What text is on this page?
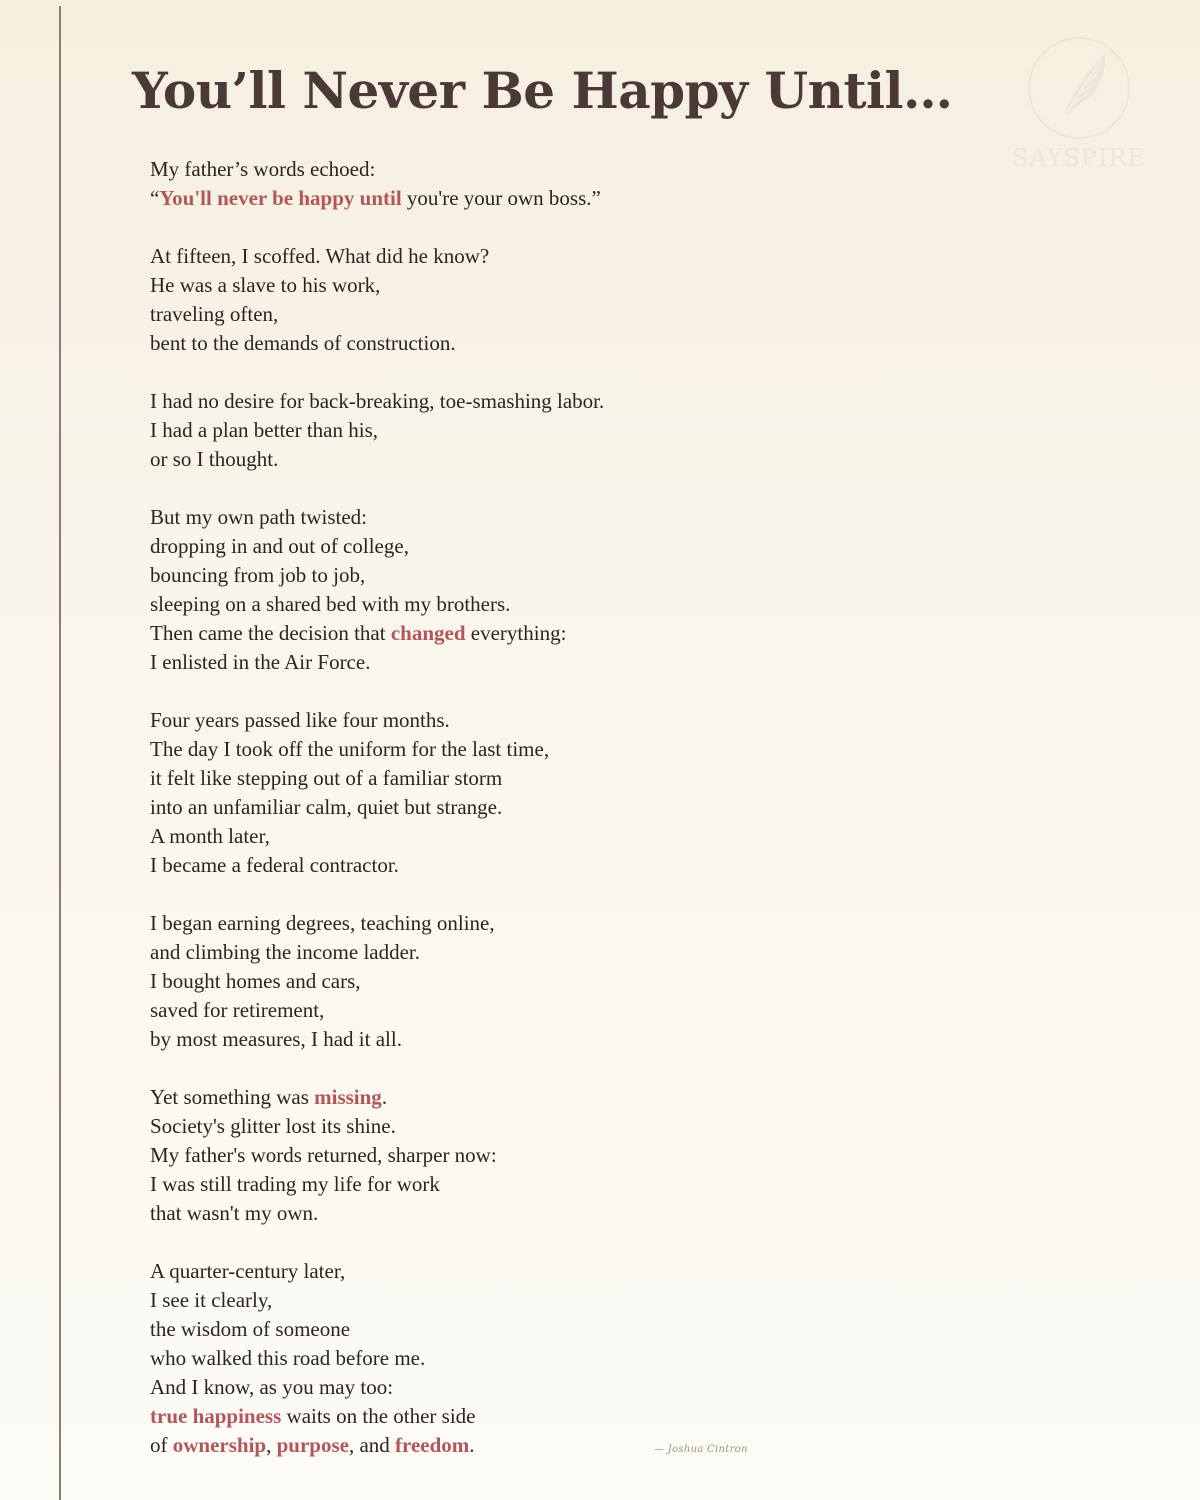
You’ll Never Be Happy Until…
SAYSPIRE
My father’s words echoed:
“You'll never be happy until you're your own boss.”
At fifteen, I scoffed. What did he know?
He was a slave to his work,
traveling often,
bent to the demands of construction.
I had no desire for back-breaking, toe-smashing labor.
I had a plan better than his,
or so I thought.
But my own path twisted:
dropping in and out of college,
bouncing from job to job,
sleeping on a shared bed with my brothers.
Then came the decision that changed everything:
I enlisted in the Air Force.
Four years passed like four months.
The day I took off the uniform for the last time,
it felt like stepping out of a familiar storm
into an unfamiliar calm, quiet but strange.
A month later,
I became a federal contractor.
I began earning degrees, teaching online,
and climbing the income ladder.
I bought homes and cars,
saved for retirement,
by most measures, I had it all.
Yet something was missing.
Society's glitter lost its shine.
My father's words returned, sharper now:
I was still trading my life for work
that wasn't my own.
A quarter-century later,
I see it clearly,
the wisdom of someone
who walked this road before me.
And I know, as you may too:
true happiness waits on the other side
of ownership, purpose, and freedom.	— Joshua Cintron
